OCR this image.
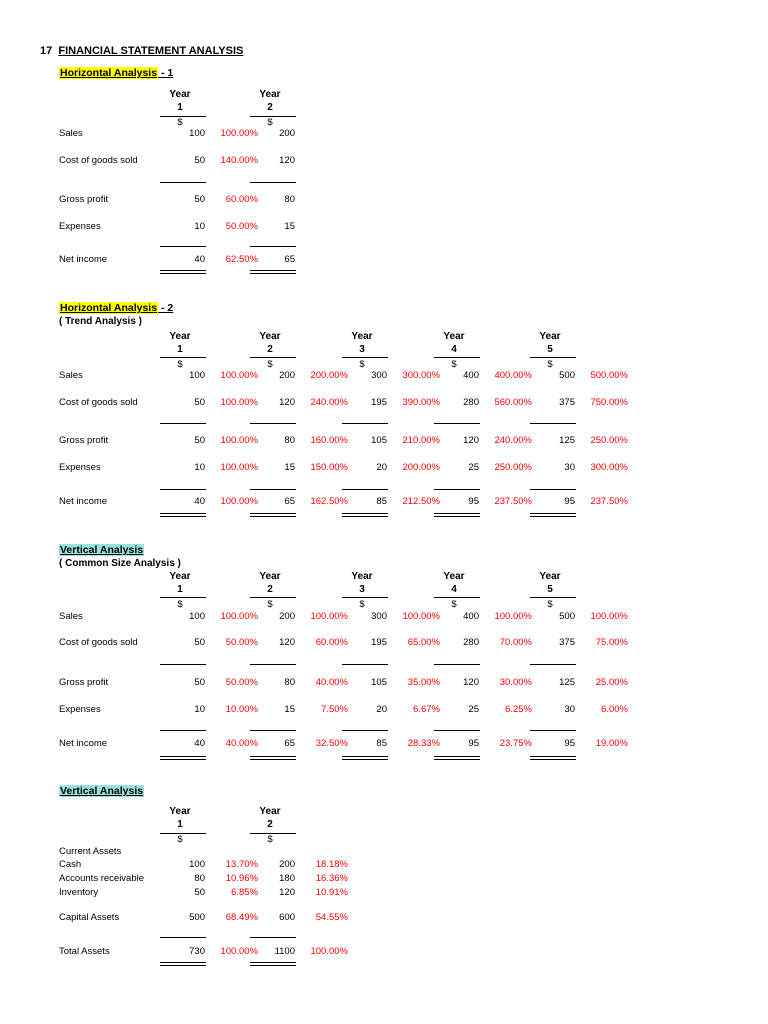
17 FINANCIAL STATEMENT ANALYSIS
Horizontal Analysis - 1
Year
1
$
Year
2
$
Sales	100	100.00%	200
Cost of goods sold	50	140.00%	120
Gross profit	50	60.00%	80
Expenses	10	50.00%	15
Net income	40	62.50%	65
Horizontal Analysis - 2
( Trend Analysis )
Year
1
$
Year
2
$
Year
3
$
Year
4
$
Year
5
$
Sales	100	100.00%	200	200.00%	300	300.00%	400	400.00%	500	500.00%
Cost of goods sold	50	100.00%	120	240.00%	195	390.00%	280	560.00%	375	750.00%
Gross profit	50	100.00%	80	160.00%	105	210.00%	120	240.00%	125	250.00%
Expenses	10	100.00%	15	150.00%	20	200.00%	25	250.00%	30	300.00%
Net income	40	100.00%	65	162.50%	85	212.50%	95	237.50%	95	237.50%
Vertical Analysis
( Common Size Analysis )
Year
1
$
Year
2
$
Year
3
$
Year
4
$
Year
5
$
Sales	100	100.00%	200	100.00%	300	100.00%	400	100.00%	500	100.00%
Cost of goods sold	50	50.00%	120	60.00%	195	65.00%	280	70.00%	375	75.00%
Gross profit	50	50.00%	80	40.00%	105	35.00%	120	30.00%	125	25.00%
Expenses	10	10.00%	15	7.50%	20	6.67%	25	6.25%	30	6.00%
Net income	40	40.00%	65	32.50%	85	28.33%	95	23.75%	95	19.00%
Vertical Analysis
Year
1
$
Year
2
$
Current Assets
Cash	100	13.70%	200	18.18%
Accounts receivable	80	10.96%	180	16.36%
Inventory	50	6.85%	120	10.91%
Capital Assets	500	68.49%	600	54.55%
Total Assets	730	100.00%	1100	100.00%
